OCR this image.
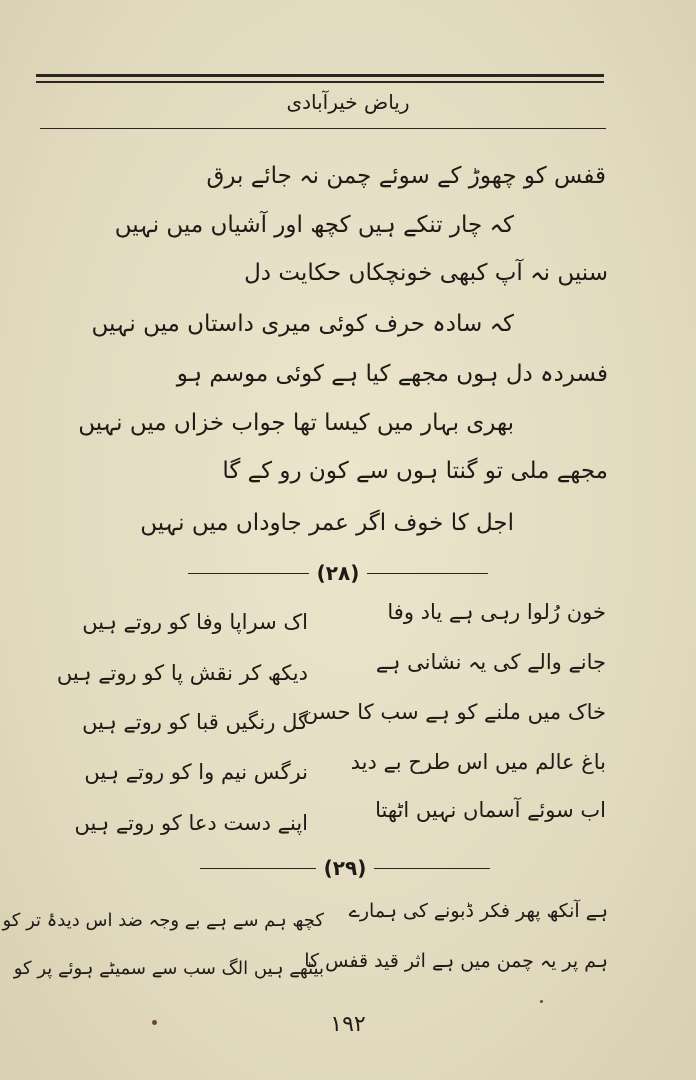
ریاض خیرآبادی
قفس کو چھوڑ کے سوئے چمن نہ جائے برق
کہ چار تنکے ہیں کچھ اور آشیاں میں نہیں
سنیں نہ آپ کبھی خونچکاں حکایت دل
کہ سادہ حرف کوئی میری داستاں میں نہیں
فسردہ دل ہوں مجھے کیا ہے کوئی موسم ہو
بھری بہار میں کیسا تھا جواب خزاں میں نہیں
مجھے ملی تو گنتا ہوں سے کون رو کے گا
اجل کا خوف اگر عمر جاوداں میں نہیں
(۲۸)
خون رُلوا رہی ہے یاد وفا
جانے والے کی یہ نشانی ہے
خاک میں ملنے کو ہے سب کا حسن
باغ عالم میں اس طرح بے دید
اب سوئے آسماں نہیں اٹھتا
اک سراپا وفا کو روتے ہیں
دیکھ کر نقش پا کو روتے ہیں
گل رنگیں قبا کو روتے ہیں
نرگس نیم وا کو روتے ہیں
اپنے دست دعا کو روتے ہیں
(۲۹)
ہے آنکھ پھر فکر ڈبونے کی ہمارے
ہم پر یہ چمن میں ہے اثر قید قفس کا
کچھ ہم سے ہے بے وجہ ضد اس دیدۂ تر کو
بیٹھے ہیں الگ سب سے سمیٹے ہوئے پر کو
۱۹۲
